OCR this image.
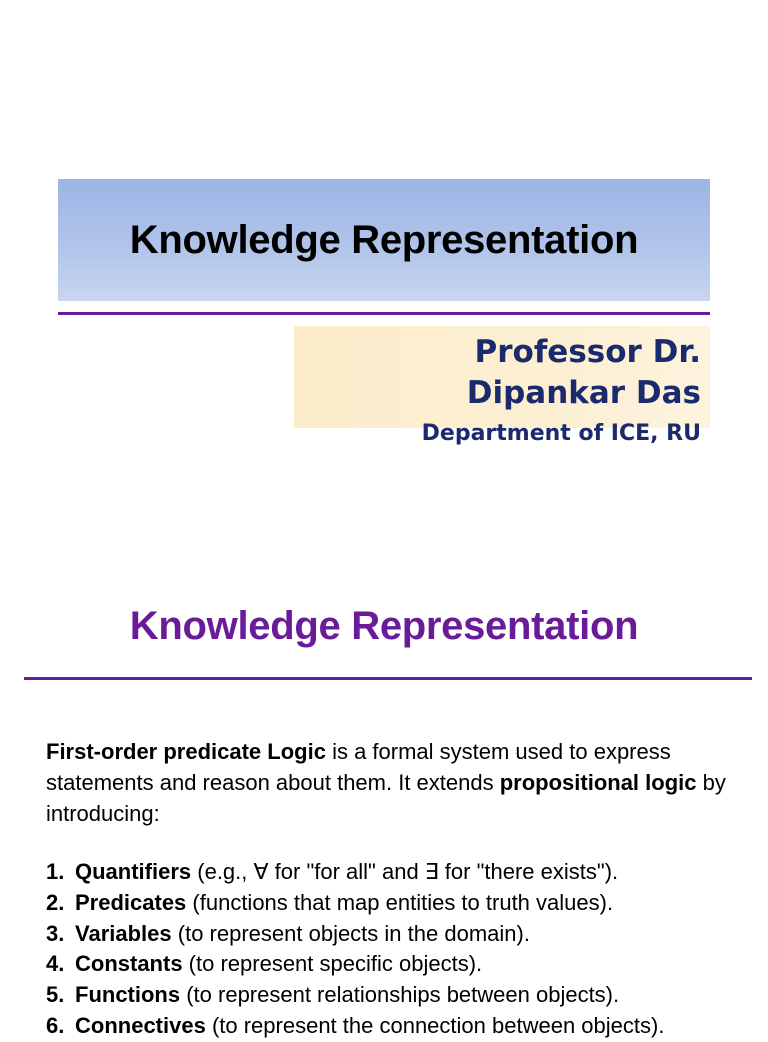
Knowledge Representation

Professor Dr.
Dipankar Das

Department of ICE, RU

Knowledge Representation

First-order predicate Logic is a formal system used to express statements and reason about them. It extends propositional logic by introducing:

1. Quantifiers (e.g., ∀ for "for all" and ∃ for "there exists").
2. Predicates (functions that map entities to truth values).
3. Variables (to represent objects in the domain).
4. Constants (to represent specific objects).
5. Functions (to represent relationships between objects).
6. Connectives (to represent the connection between objects).
